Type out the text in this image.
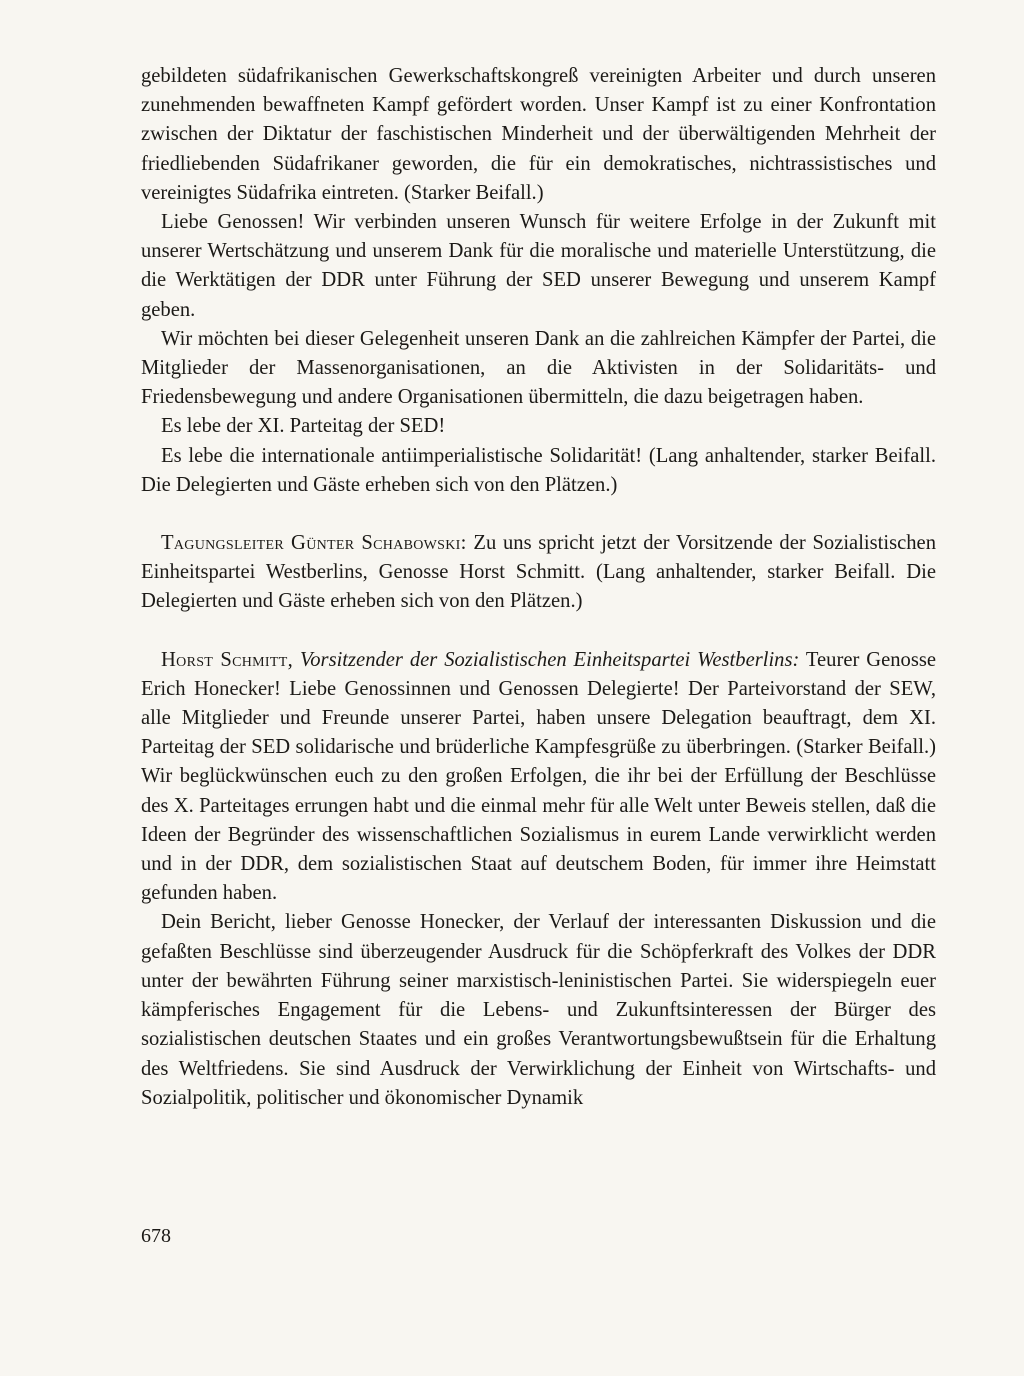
gebildeten südafrikanischen Gewerkschaftskongreß vereinigten Arbeiter und durch unseren zunehmenden bewaffneten Kampf gefördert worden. Unser Kampf ist zu einer Konfrontation zwischen der Diktatur der faschistischen Minderheit und der überwältigenden Mehrheit der friedliebenden Südafrikaner geworden, die für ein demokratisches, nichtrassistisches und vereinigtes Südafrika eintreten. (Starker Beifall.)

Liebe Genossen! Wir verbinden unseren Wunsch für weitere Erfolge in der Zukunft mit unserer Wertschätzung und unserem Dank für die moralische und materielle Unterstützung, die die Werktätigen der DDR unter Führung der SED unserer Bewegung und unserem Kampf geben.

Wir möchten bei dieser Gelegenheit unseren Dank an die zahlreichen Kämpfer der Partei, die Mitglieder der Massenorganisationen, an die Aktivisten in der Solidaritäts- und Friedensbewegung und andere Organisationen übermitteln, die dazu beigetragen haben.

Es lebe der XI. Parteitag der SED!

Es lebe die internationale antiimperialistische Solidarität! (Lang anhaltender, starker Beifall. Die Delegierten und Gäste erheben sich von den Plätzen.)

Tagungsleiter Günter Schabowski: Zu uns spricht jetzt der Vorsitzende der Sozialistischen Einheitspartei Westberlins, Genosse Horst Schmitt. (Lang anhaltender, starker Beifall. Die Delegierten und Gäste erheben sich von den Plätzen.)

Horst Schmitt, Vorsitzender der Sozialistischen Einheitspartei Westberlins: Teurer Genosse Erich Honecker! Liebe Genossinnen und Genossen Delegierte! Der Parteivorstand der SEW, alle Mitglieder und Freunde unserer Partei, haben unsere Delegation beauftragt, dem XI. Parteitag der SED solidarische und brüderliche Kampfesgrüße zu überbringen. (Starker Beifall.) Wir beglückwünschen euch zu den großen Erfolgen, die ihr bei der Erfüllung der Beschlüsse des X. Parteitages errungen habt und die einmal mehr für alle Welt unter Beweis stellen, daß die Ideen der Begründer des wissenschaftlichen Sozialismus in eurem Lande verwirklicht werden und in der DDR, dem sozialistischen Staat auf deutschem Boden, für immer ihre Heimstatt gefunden haben.

Dein Bericht, lieber Genosse Honecker, der Verlauf der interessanten Diskussion und die gefaßten Beschlüsse sind überzeugender Ausdruck für die Schöpferkraft des Volkes der DDR unter der bewährten Führung seiner marxistisch-leninistischen Partei. Sie widerspiegeln euer kämpferisches Engagement für die Lebens- und Zukunftsinteressen der Bürger des sozialistischen deutschen Staates und ein großes Verantwortungsbewußtsein für die Erhaltung des Weltfriedens. Sie sind Ausdruck der Verwirklichung der Einheit von Wirtschafts- und Sozialpolitik, politischer und ökonomischer Dynamik

678
